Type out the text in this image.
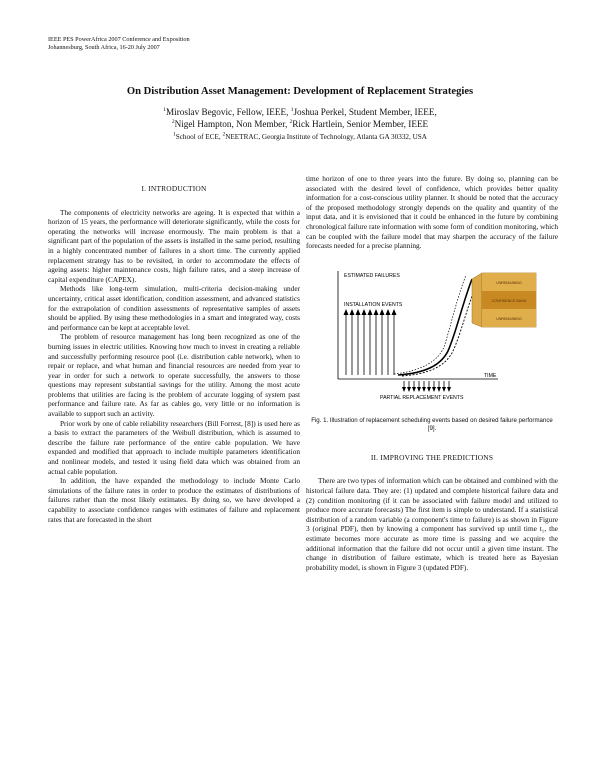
IEEE PES PowerAfrica 2007 Conference and Exposition
Johannesburg, South Africa, 16-20 July 2007
On Distribution Asset Management: Development of Replacement Strategies
$^1$Miroslav Begovic, Fellow, IEEE, $^1$Joshua Perkel, Student Member, IEEE,
$^2$Nigel Hampton, Non Member, $^2$Rick Hartlein, Senior Member, IEEE
$^1$School of ECE, $^2$NEETRAC, Georgia Institute of Technology, Atlanta GA 30332, USA
I. INTRODUCTION

The components of electricity networks are ageing. It is expected that within a horizon of 15 years, the performance will deteriorate significantly, while the costs for operating the networks will increase enormously. The main problem is that a significant part of the population of the assets is installed in the same period, resulting in a highly concentrated number of failures in a short time. The currently applied replacement strategy has to be revisited, in order to accommodate the effects of ageing assets: higher maintenance costs, high failure rates, and a steep increase of capital expenditure (CAPEX).

Methods like long-term simulation, multi-criteria decision-making under uncertainty, critical asset identification, condition assessment, and advanced statistics for the extrapolation of condition assessments of representative samples of assets should be applied. By using these methodologies in a smart and integrated way, costs and performance can be kept at acceptable level.

The problem of resource management has long been recognized as one of the burning issues in electric utilities. Knowing how much to invest in creating a reliable and successfully performing resource pool (i.e. distribution cable network), when to repair or replace, and what human and financial resources are needed from year to year in order for such a network to operate successfully, the answers to those questions may represent substantial savings for the utility. Among the most acute problems that utilities are facing is the problem of accurate logging of system past performance and failure rate. As far as cables go, very little or no information is available to support such an activity.

Prior work by one of cable reliability researchers (Bill Forrest, [8]) is used here as a basis to extract the parameters of the Weibull distribution, which is assumed to describe the failure rate performance of the entire cable population. We have expanded and modified that approach to include multiple parameters identification and nonlinear models, and tested it using field data which was obtained from an actual cable population.

In addition, the have expanded the methodology to include Monte Carlo simulations of the failure rates in order to produce the estimates of distributions of failures rather than the most likely estimates. By doing so, we have developed a capability to associate confidence ranges with estimates of failure and replacement rates that are forecasted in the short

time horizon of one to three years into the future. By doing so, planning can be associated with the desired level of confidence, which provides better quality information for a cost-conscious utility planner. It should be noted that the accuracy of the proposed methodology strongly depends on the quality and quantity of the input data, and it is envisioned that it could be enhanced in the future by combining chronological failure rate information with some form of condition monitoring, which can be coupled with the failure model that may sharpen the accuracy of the failure forecasts needed for a precise planning.

ESTIMATED FAILURES
INSTALLATION EVENTS
TIME
PARTIAL REPLACEMENT EVENTS
UNREMAINING
CONFIDENCE BAND
UNREMAINING
Fig. 1. Illustration of replacement scheduling events based on desired failure performance [9].
II. IMPROVING THE PREDICTIONS

There are two types of information which can be obtained and combined with the historical failure data. They are: (1) updated and complete historical failure data and (2) condition monitoring (if it can be associated with failure model and utilized to produce more accurate forecasts) The first item is simple to understand. If a statistical distribution of a random variable (a component's time to failure) is as shown in Figure 3 (original PDF), then by knowing a component has survived up until time t₁, the estimate becomes more accurate as more time is passing and we acquire the additional information that the failure did not occur until a given time instant. The change in distribution of failure estimate, which is treated here as Bayesian probability model, is shown in Figure 3 (updated PDF).
